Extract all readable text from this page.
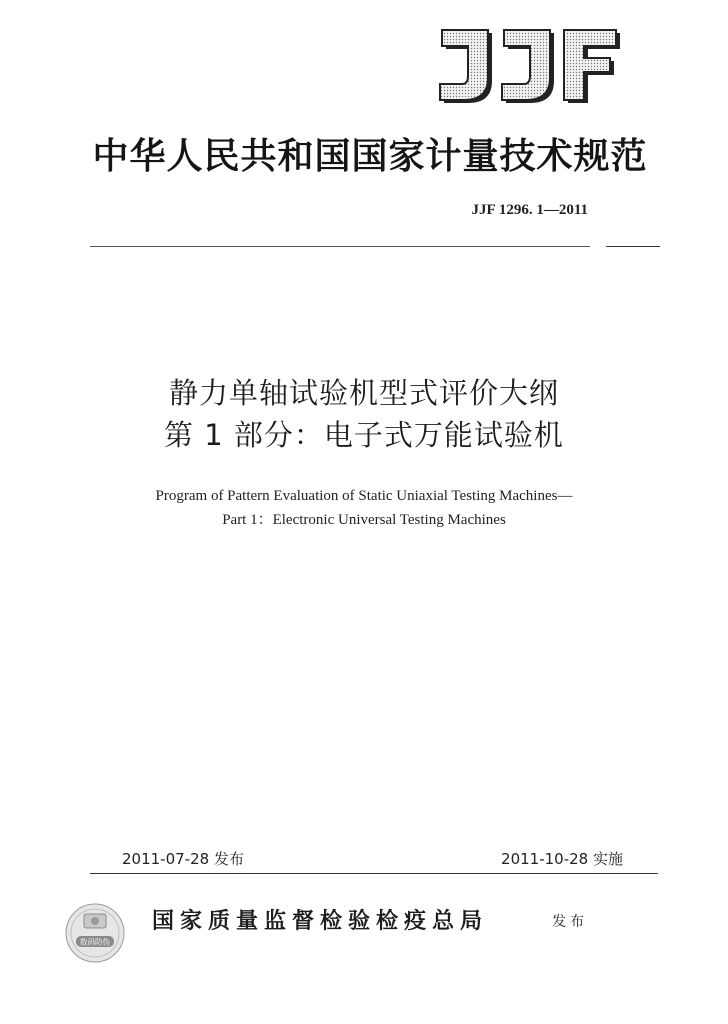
中华人民共和国国家计量技术规范
JJF 1296. 1—2011
静力单轴试验机型式评价大纲
第 1 部分：电子式万能试验机
Program of Pattern Evaluation of Static Uniaxial Testing Machines—
Part 1：Electronic Universal Testing Machines
2011-07-28 发布	2011-10-28 实施
数码防伪
国家质量监督检验检疫总局	发布
